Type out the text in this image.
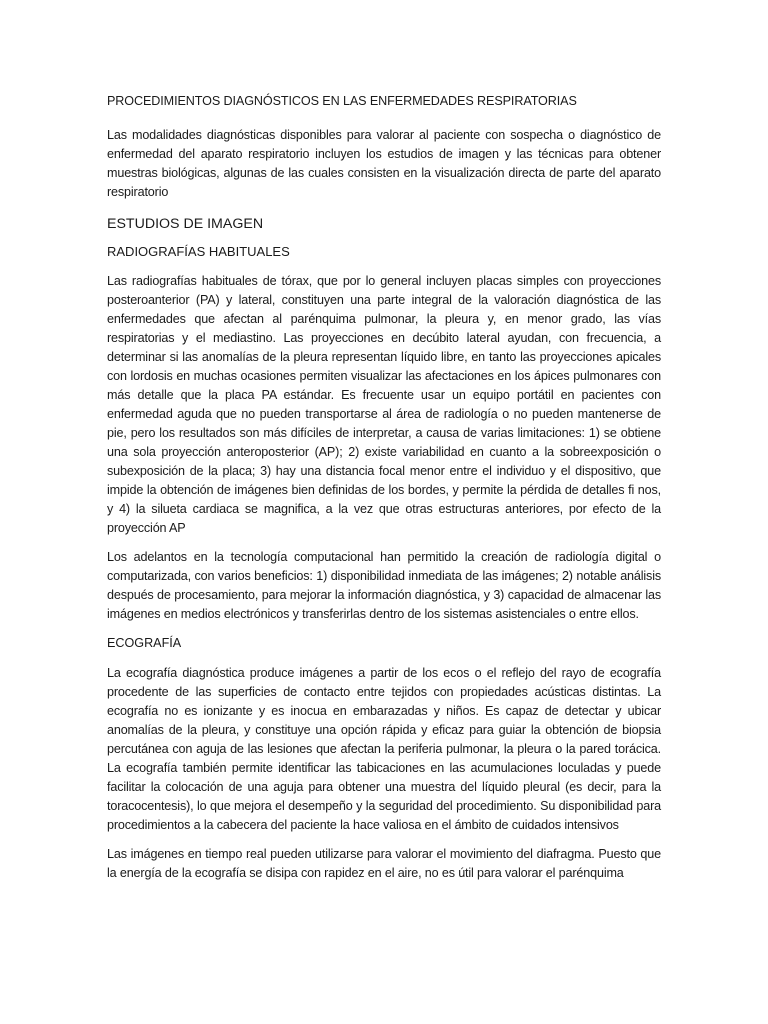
PROCEDIMIENTOS DIAGNÓSTICOS EN LAS ENFERMEDADES RESPIRATORIAS

Las modalidades diagnósticas disponibles para valorar al paciente con sospecha o diagnóstico de enfermedad del aparato respiratorio incluyen los estudios de imagen y las técnicas para obtener muestras biológicas, algunas de las cuales consisten en la visualización directa de parte del aparato respiratorio

ESTUDIOS DE IMAGEN
RADIOGRAFÍAS HABITUALES

Las radiografías habituales de tórax, que por lo general incluyen placas simples con proyecciones posteroanterior (PA) y lateral, constituyen una parte integral de la valoración diagnóstica de las enfermedades que afectan al parénquima pulmonar, la pleura y, en menor grado, las vías respiratorias y el mediastino. Las proyecciones en decúbito lateral ayudan, con frecuencia, a determinar si las anomalías de la pleura representan líquido libre, en tanto las proyecciones apicales con lordosis en muchas ocasiones permiten visualizar las afectaciones en los ápices pulmonares con más detalle que la placa PA estándar. Es frecuente usar un equipo portátil en pacientes con enfermedad aguda que no pueden transportarse al área de radiología o no pueden mantenerse de pie, pero los resultados son más difíciles de interpretar, a causa de varias limitaciones: 1) se obtiene una sola proyección anteroposterior (AP); 2) existe variabilidad en cuanto a la sobreexposición o subexposición de la placa; 3) hay una distancia focal menor entre el individuo y el dispositivo, que impide la obtención de imágenes bien definidas de los bordes, y permite la pérdida de detalles fi nos, y 4) la silueta cardiaca se magnifica, a la vez que otras estructuras anteriores, por efecto de la proyección AP

Los adelantos en la tecnología computacional han permitido la creación de radiología digital o computarizada, con varios beneficios: 1) disponibilidad inmediata de las imágenes; 2) notable análisis después de procesamiento, para mejorar la información diagnóstica, y 3) capacidad de almacenar las imágenes en medios electrónicos y transferirlas dentro de los sistemas asistenciales o entre ellos.

ECOGRAFÍA

La ecografía diagnóstica produce imágenes a partir de los ecos o el reflejo del rayo de ecografía procedente de las superficies de contacto entre tejidos con propiedades acústicas distintas. La ecografía no es ionizante y es inocua en embarazadas y niños. Es capaz de detectar y ubicar anomalías de la pleura, y constituye una opción rápida y eficaz para guiar la obtención de biopsia percutánea con aguja de las lesiones que afectan la periferia pulmonar, la pleura o la pared torácica. La ecografía también permite identificar las tabicaciones en las acumulaciones loculadas y puede facilitar la colocación de una aguja para obtener una muestra del líquido pleural (es decir, para la toracocentesis), lo que mejora el desempeño y la seguridad del procedimiento. Su disponibilidad para procedimientos a la cabecera del paciente la hace valiosa en el ámbito de cuidados intensivos

Las imágenes en tiempo real pueden utilizarse para valorar el movimiento del diafragma. Puesto que la energía de la ecografía se disipa con rapidez en el aire, no es útil para valorar el parénquima
